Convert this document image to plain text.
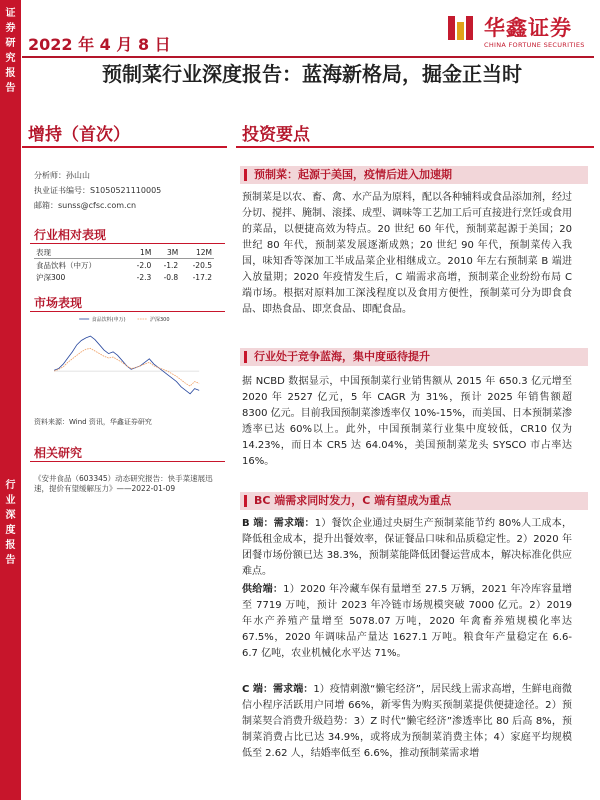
证
券
研
究
报
告
行
业
深
度
报
告
2022 年 4 月 8 日
华鑫证券
CHINA FORTUNE SECURITIES
预制菜行业深度报告：蓝海新格局，掘金正当时
增持（首次）	投资要点
分析师：孙山山
执业证书编号：S1050521110005
邮箱：sunss@cfsc.com.cn
行业相对表现
表现	1M	3M	12M
食品饮料（中万）	-2.0	-1.2	-20.5
沪深300	-2.3	-0.8	-17.2
市场表现
食品饮料(申万)	沪深300
资料来源：Wind 资讯，华鑫证券研究
相关研究
《安井食品（603345）动态研究报告：快手菜速展迅速，提价有望缓解压力》——2022-01-09
预制菜：起源于美国，疫情后进入加速期
预制菜是以农、畜、禽、水产品为原料，配以各种辅料或食品添加剂，经过分切、搅拌、腌制、滚揉、成型、调味等工艺加工后可直接进行烹饪或食用的菜品，以便捷高效为特点。20 世纪 60 年代，预制菜起源于美国；20 世纪 80 年代，预制菜发展逐渐成熟；20 世纪 90 年代，预制菜传入我国，味知香等深加工半成品菜企业相继成立。2010 年左右预制菜 B 端进入放量期；2020 年疫情发生后，C 端需求高增，预制菜企业纷纷布局 C 端市场。根据对原料加工深浅程度以及食用方便性，预制菜可分为即食食品、即热食品、即烹食品、即配食品。
行业处于竞争蓝海，集中度亟待提升
据 NCBD 数据显示，中国预制菜行业销售额从 2015 年 650.3 亿元增至 2020 年 2527 亿元，5 年 CAGR 为 31%，预计 2025 年销售额超 8300 亿元。目前我国预制菜渗透率仅 10%-15%，而美国、日本预制菜渗透率已达 60%以上。此外，中国预制菜行业集中度较低，CR10 仅为 14.23%，而日本 CR5 达 64.04%，美国预制菜龙头 SYSCO 市占率达 16%。
BC 端需求同时发力，C 端有望成为重点
B 端：需求端：1）餐饮企业通过央厨生产预制菜能节约 80%人工成本，降低租金成本，提升出餐效率，保证餐品口味和品质稳定性。2）2020 年团餐市场份额已达 38.3%，预制菜能降低团餐运营成本，解决标准化供应难点。
供给端：1）2020 年冷藏车保有量增至 27.5 万辆，2021 年冷库容量增至 7719 万吨，预计 2023 年冷链市场规模突破 7000 亿元。2）2019 年水产养殖产量增至 5078.07 万吨，2020 年禽畜养殖规模化率达 67.5%，2020 年调味品产量达 1627.1 万吨。粮食年产量稳定在 6.6-6.7 亿吨，农业机械化水平达 71%。
C 端：需求端：1）疫情刺激“懒宅经济”，居民线上需求高增，生鲜电商微信小程序活跃用户同增 66%，新零售为购买预制菜提供便捷途径。2）预制菜契合消费升级趋势：3）Z 时代“懒宅经济”渗透率比 80 后高 8%，预制菜消费占比已达 34.9%，或将成为预制菜消费主体；4）家庭平均规模低至 2.62 人，结婚率低至 6.6%，推动预制菜需求增
